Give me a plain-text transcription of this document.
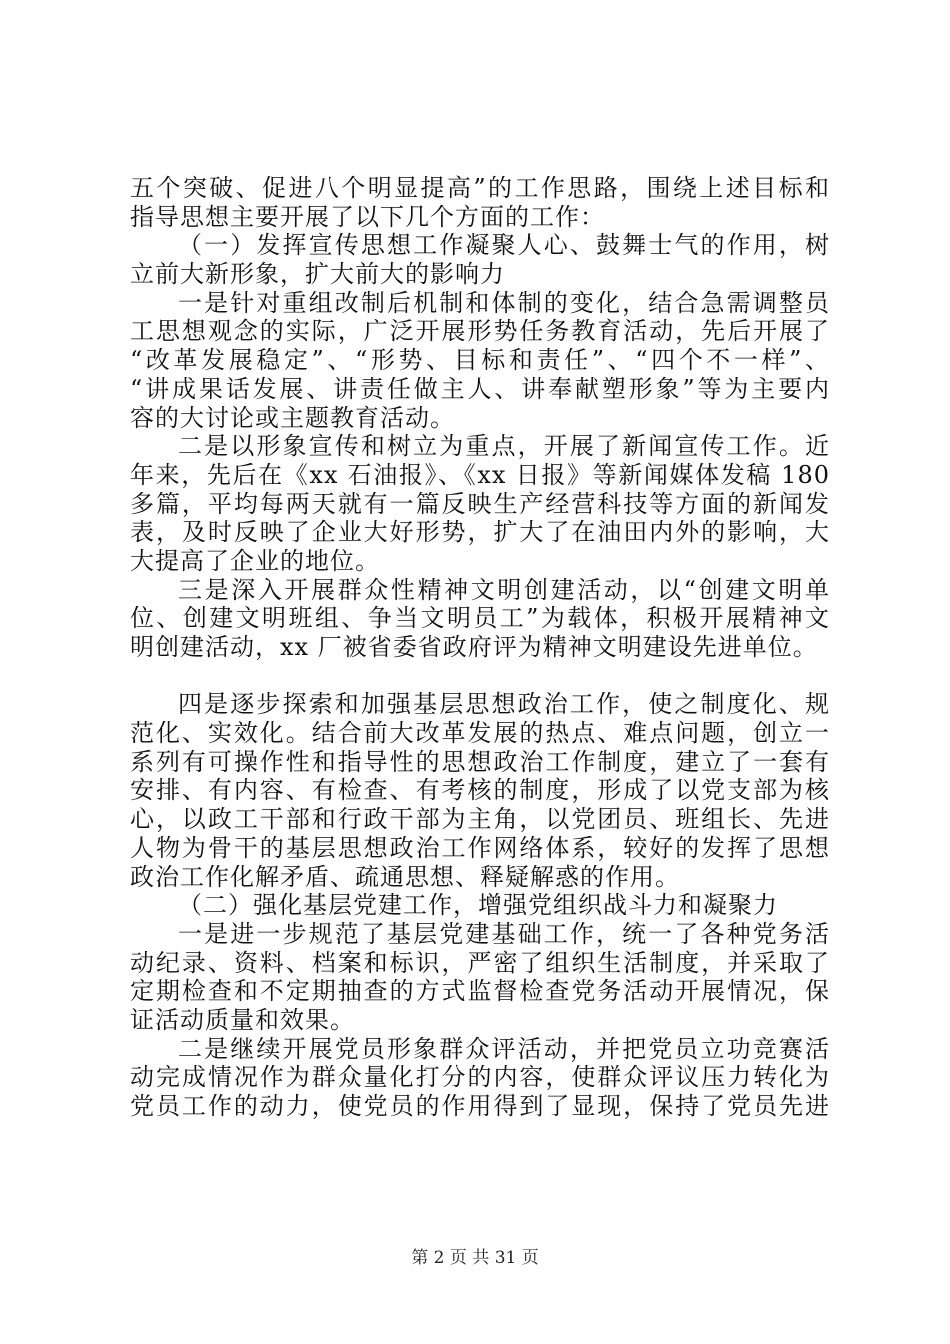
五个突破、促进八个明显提高”的工作思路，围绕上述目标和
指导思想主要开展了以下几个方面的工作：
（一）发挥宣传思想工作凝聚人心、鼓舞士气的作用，树
立前大新形象，扩大前大的影响力
一是针对重组改制后机制和体制的变化，结合急需调整员
工思想观念的实际，广泛开展形势任务教育活动，先后开展了
“改革发展稳定”、“形势、目标和责任”、“四个不一样”、
“讲成果话发展、讲责任做主人、讲奉献塑形象”等为主要内
容的大讨论或主题教育活动。
二是以形象宣传和树立为重点，开展了新闻宣传工作。近
年来，先后在《xx 石油报》、《xx 日报》等新闻媒体发稿 180
多篇，平均每两天就有一篇反映生产经营科技等方面的新闻发
表，及时反映了企业大好形势，扩大了在油田内外的影响，大
大提高了企业的地位。
三是深入开展群众性精神文明创建活动，以“创建文明单
位、创建文明班组、争当文明员工”为载体，积极开展精神文
明创建活动，xx 厂被省委省政府评为精神文明建设先进单位。
四是逐步探索和加强基层思想政治工作，使之制度化、规
范化、实效化。结合前大改革发展的热点、难点问题，创立一
系列有可操作性和指导性的思想政治工作制度，建立了一套有
安排、有内容、有检查、有考核的制度，形成了以党支部为核
心，以政工干部和行政干部为主角，以党团员、班组长、先进
人物为骨干的基层思想政治工作网络体系，较好的发挥了思想
政治工作化解矛盾、疏通思想、释疑解惑的作用。
（二）强化基层党建工作，增强党组织战斗力和凝聚力
一是进一步规范了基层党建基础工作，统一了各种党务活
动纪录、资料、档案和标识，严密了组织生活制度，并采取了
定期检查和不定期抽查的方式监督检查党务活动开展情况，保
证活动质量和效果。
二是继续开展党员形象群众评活动，并把党员立功竞赛活
动完成情况作为群众量化打分的内容，使群众评议压力转化为
党员工作的动力，使党员的作用得到了显现，保持了党员先进
第 2 页 共 31 页
